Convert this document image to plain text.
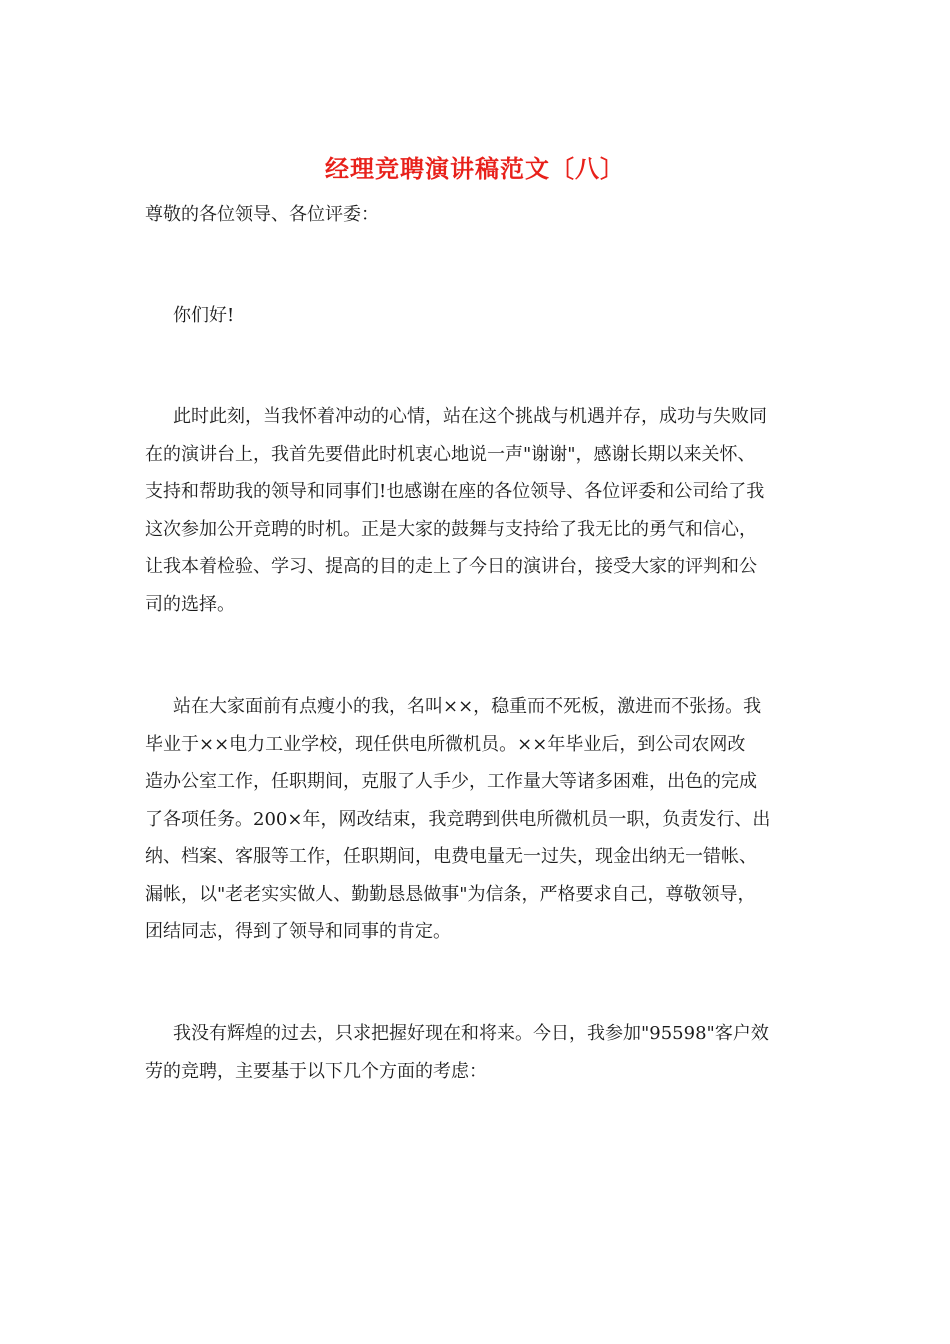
经理竞聘演讲稿范文〔八〕

尊敬的各位领导、各位评委：

你们好!

此时此刻，当我怀着冲动的心情，站在这个挑战与机遇并存，成功与失败同
在的演讲台上，我首先要借此时机衷心地说一声"谢谢"，感谢长期以来关怀、
支持和帮助我的领导和同事们!也感谢在座的各位领导、各位评委和公司给了我
这次参加公开竞聘的时机。正是大家的鼓舞与支持给了我无比的勇气和信心，
让我本着检验、学习、提高的目的走上了今日的演讲台，接受大家的评判和公
司的选择。
站在大家面前有点瘦小的我，名叫××，稳重而不死板，激进而不张扬。我
毕业于××电力工业学校，现任供电所微机员。××年毕业后，到公司农网改
造办公室工作，任职期间，克服了人手少，工作量大等诸多困难，出色的完成
了各项任务。200×年，网改结束，我竞聘到供电所微机员一职，负责发行、出
纳、档案、客服等工作，任职期间，电费电量无一过失，现金出纳无一错帐、
漏帐，以"老老实实做人、勤勤恳恳做事"为信条，严格要求自己，尊敬领导，
团结同志，得到了领导和同事的肯定。
我没有辉煌的过去，只求把握好现在和将来。今日，我参加"95598"客户效
劳的竞聘，主要基于以下几个方面的考虑：
